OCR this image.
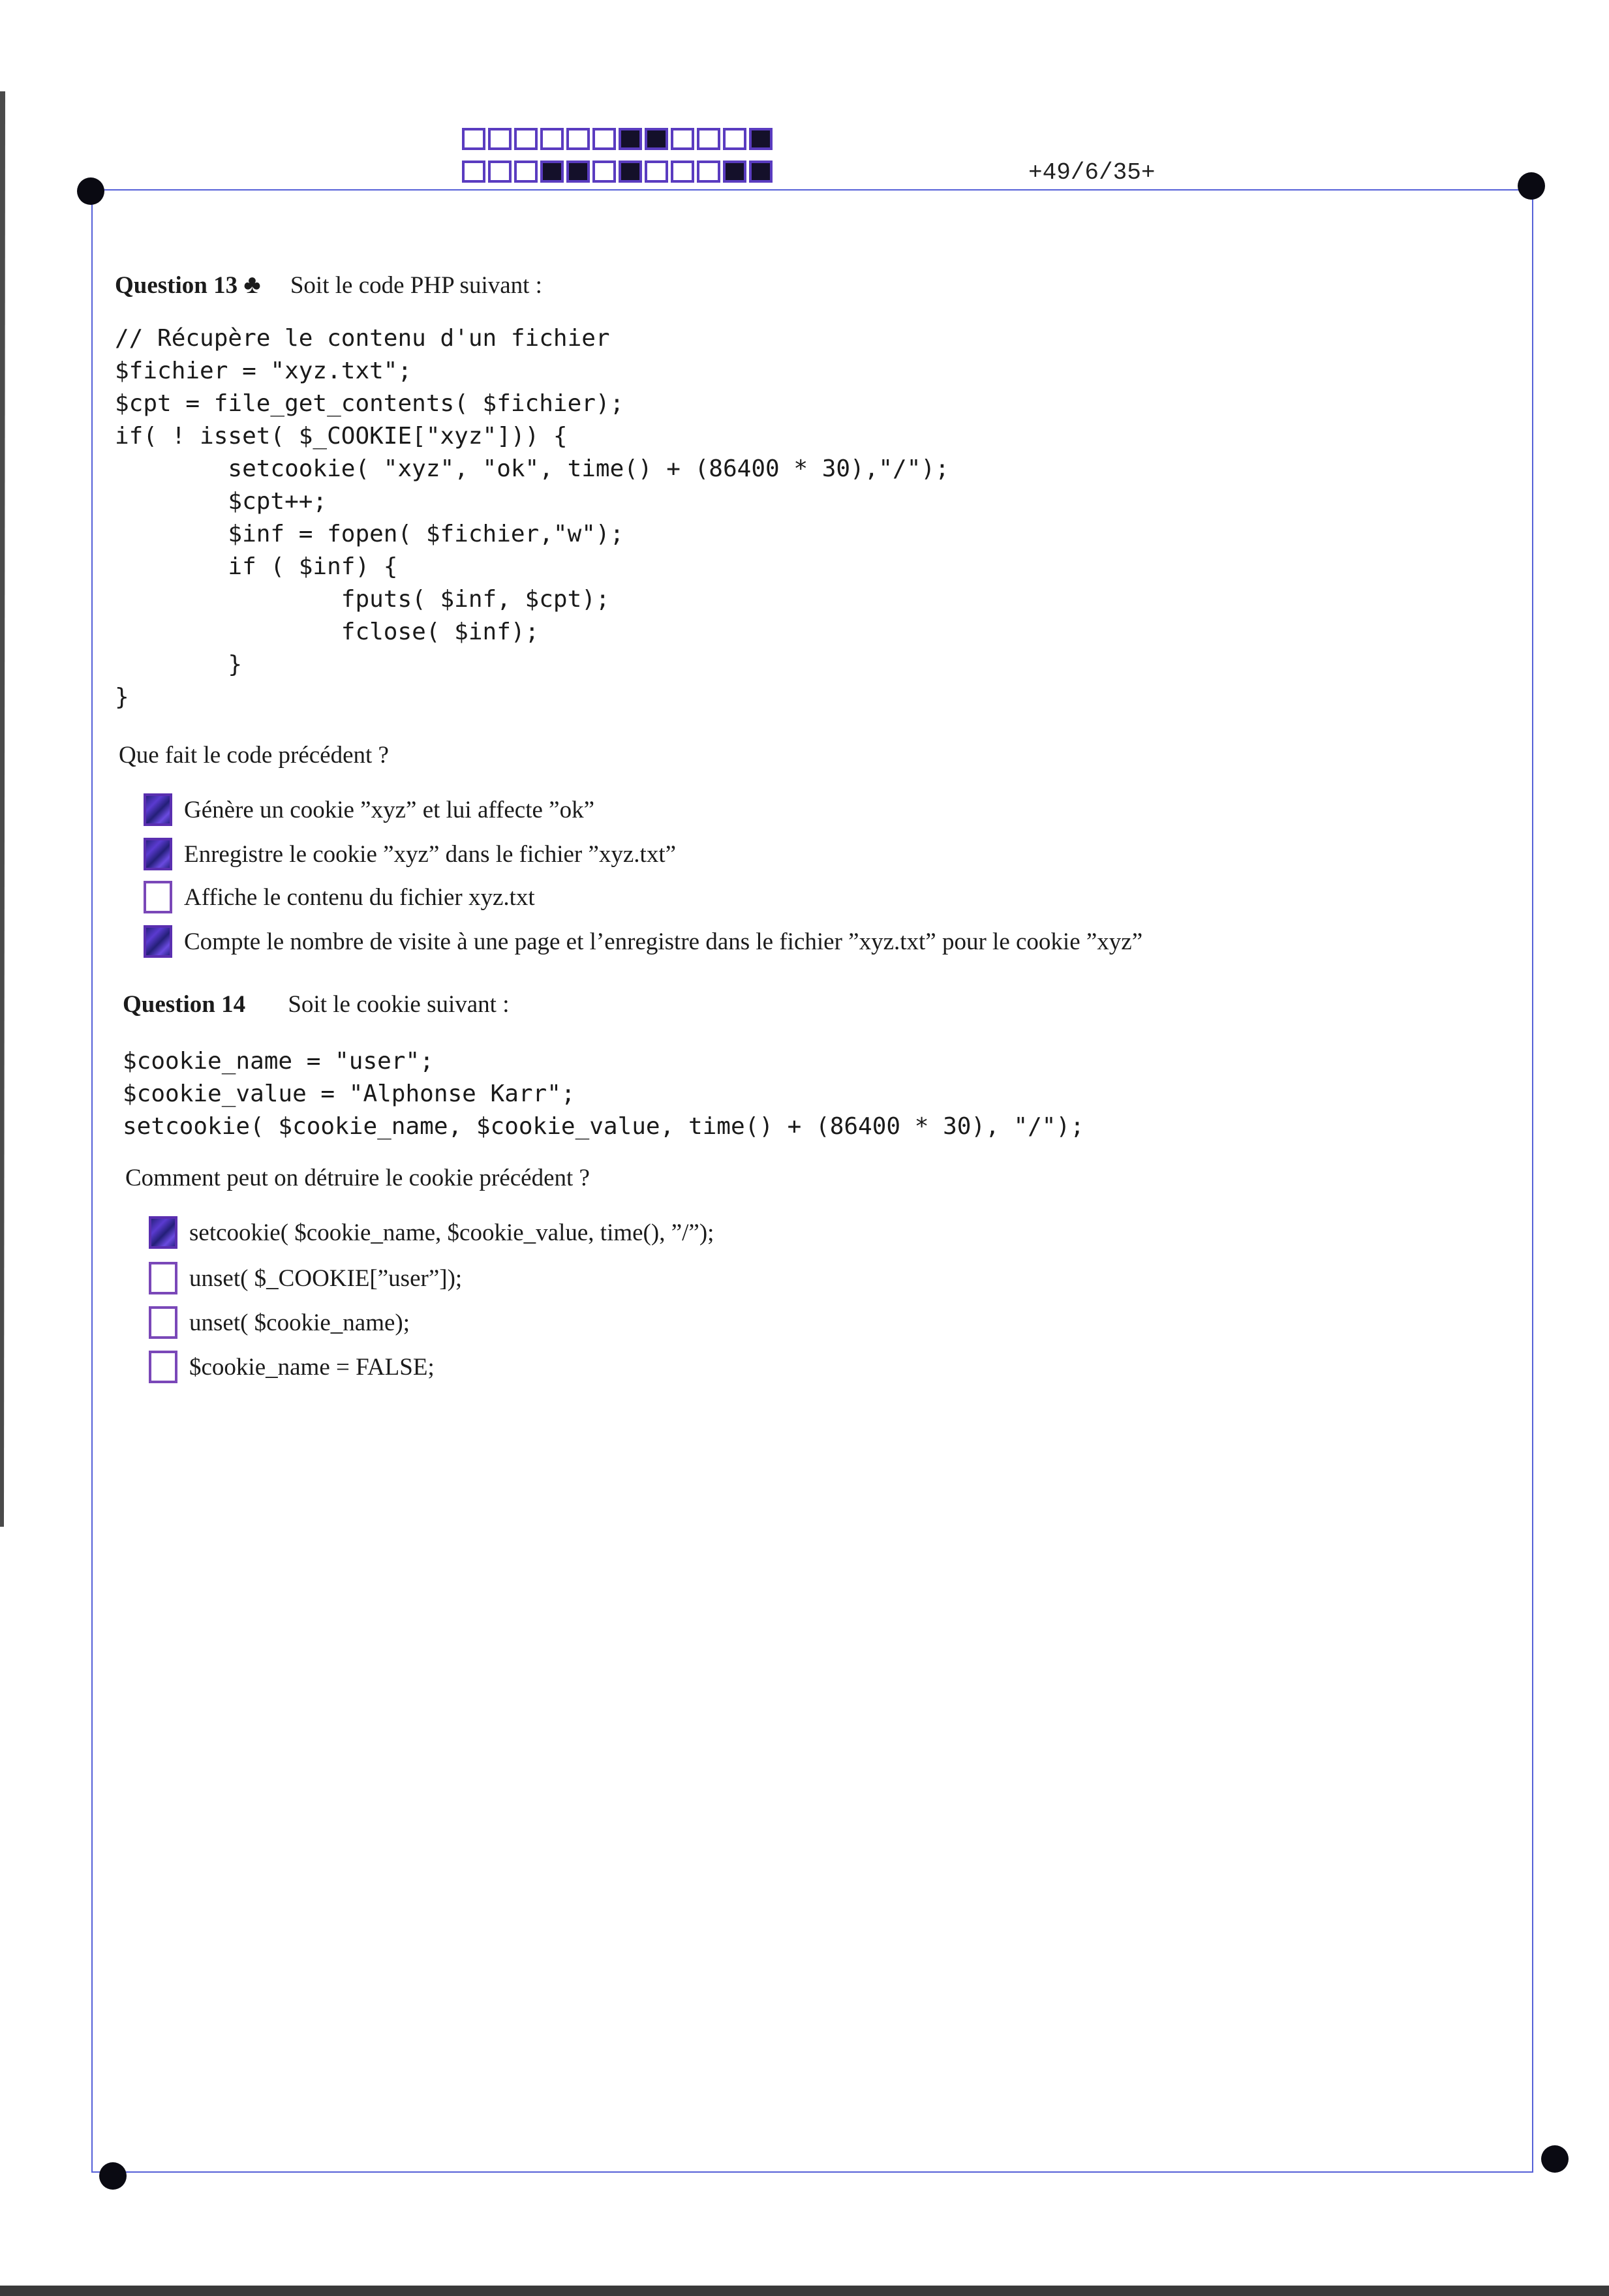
+49/6/35+
Question 13 ♣ Soit le code PHP suivant :
// Récupère le contenu d'un fichier
$fichier = "xyz.txt";
$cpt = file_get_contents( $fichier);
if( ! isset( $_COOKIE["xyz"])) {
setcookie( "xyz", "ok", time() + (86400 * 30),"/");
$cpt++;
$inf = fopen( $fichier,"w");
if ( $inf) {
fputs( $inf, $cpt);
fclose( $inf);
}
}
Que fait le code précédent ?
Génère un cookie ”xyz” et lui affecte ”ok”
Enregistre le cookie ”xyz” dans le fichier ”xyz.txt”
Affiche le contenu du fichier xyz.txt
Compte le nombre de visite à une page et l’enregistre dans le fichier ”xyz.txt” pour le cookie ”xyz”
Question 14 Soit le cookie suivant :
$cookie_name = "user";
$cookie_value = "Alphonse Karr";
setcookie( $cookie_name, $cookie_value, time() + (86400 * 30), "/");
Comment peut on détruire le cookie précédent ?
setcookie( $cookie_name, $cookie_value, time(), ”/”);
unset( $_COOKIE[”user”]);
unset( $cookie_name);
$cookie_name = FALSE;
